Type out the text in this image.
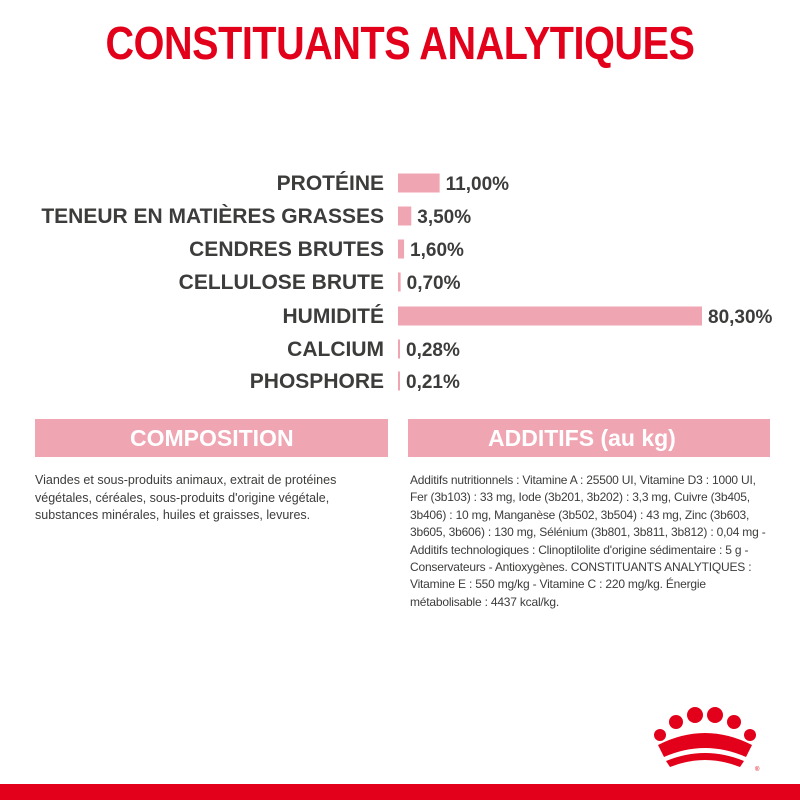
CONSTITUANTS ANALYTIQUES
PROTÉINE	11,00%
TENEUR EN MATIÈRES GRASSES 3,50%
CENDRES BRUTES 1,60%
CELLULOSE BRUTE 0,70%
HUMIDITÉ	80,30%
CALCIUM 0,28%
PHOSPHORE 0,21%
COMPOSITION	ADDITIFS (au kg)
Viandes et sous-produits animaux, extrait de protéines végétales, céréales, sous-produits d'origine végétale, substances minérales, huiles et graisses, levures.
Additifs nutritionnels : Vitamine A : 25500 UI, Vitamine D3 : 1000 UI, Fer (3b103) : 33 mg, Iode (3b201, 3b202) : 3,3 mg, Cuivre (3b405, 3b406) : 10 mg, Manganèse (3b502, 3b504) : 43 mg, Zinc (3b603, 3b605, 3b606) : 130 mg, Sélénium (3b801, 3b811, 3b812) : 0,04 mg - Additifs technologiques : Clinoptilolite d'origine sédimentaire : 5 g - Conservateurs - Antioxygènes. CONSTITUANTS ANALYTIQUES : Vitamine E : 550 mg/kg - Vitamine C : 220 mg/kg. Énergie métabolisable : 4437 kcal/kg.
®
